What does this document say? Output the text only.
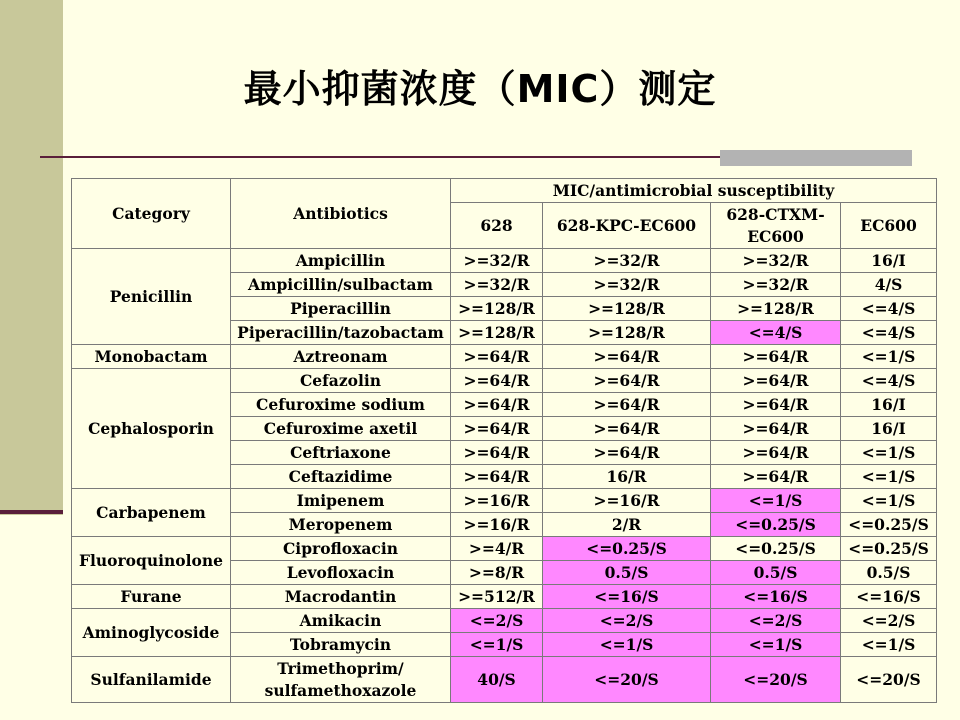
最小抑菌浓度（MIC）测定
Category	Antibiotics	MIC/antimicrobial susceptibility			
		628	628-KPC-EC600	628-CTXM-EC600	EC600
Penicillin	Ampicillin	>=32/R	>=32/R	>=32/R	16/I
	Ampicillin/sulbactam	>=32/R	>=32/R	>=32/R	4/S
	Piperacillin	>=128/R	>=128/R	>=128/R	<=4/S
	Piperacillin/tazobactam	>=128/R	>=128/R	<=4/S	<=4/S
Monobactam	Aztreonam	>=64/R	>=64/R	>=64/R	<=1/S
Cephalosporin	Cefazolin	>=64/R	>=64/R	>=64/R	<=4/S
	Cefuroxime sodium	>=64/R	>=64/R	>=64/R	16/I
	Cefuroxime axetil	>=64/R	>=64/R	>=64/R	16/I
	Ceftriaxone	>=64/R	>=64/R	>=64/R	<=1/S
	Ceftazidime	>=64/R	16/R	>=64/R	<=1/S
Carbapenem	Imipenem	>=16/R	>=16/R	<=1/S	<=1/S
	Meropenem	>=16/R	2/R	<=0.25/S	<=0.25/S
Fluoroquinolone	Ciprofloxacin	>=4/R	<=0.25/S	<=0.25/S	<=0.25/S
	Levofloxacin	>=8/R	0.5/S	0.5/S	0.5/S
Furane	Macrodantin	>=512/R	<=16/S	<=16/S	<=16/S
Aminoglycoside	Amikacin	<=2/S	<=2/S	<=2/S	<=2/S
	Tobramycin	<=1/S	<=1/S	<=1/S	<=1/S
Sulfanilamide	Trimethoprim/
sulfamethoxazole	40/S	<=20/S	<=20/S	<=20/S
